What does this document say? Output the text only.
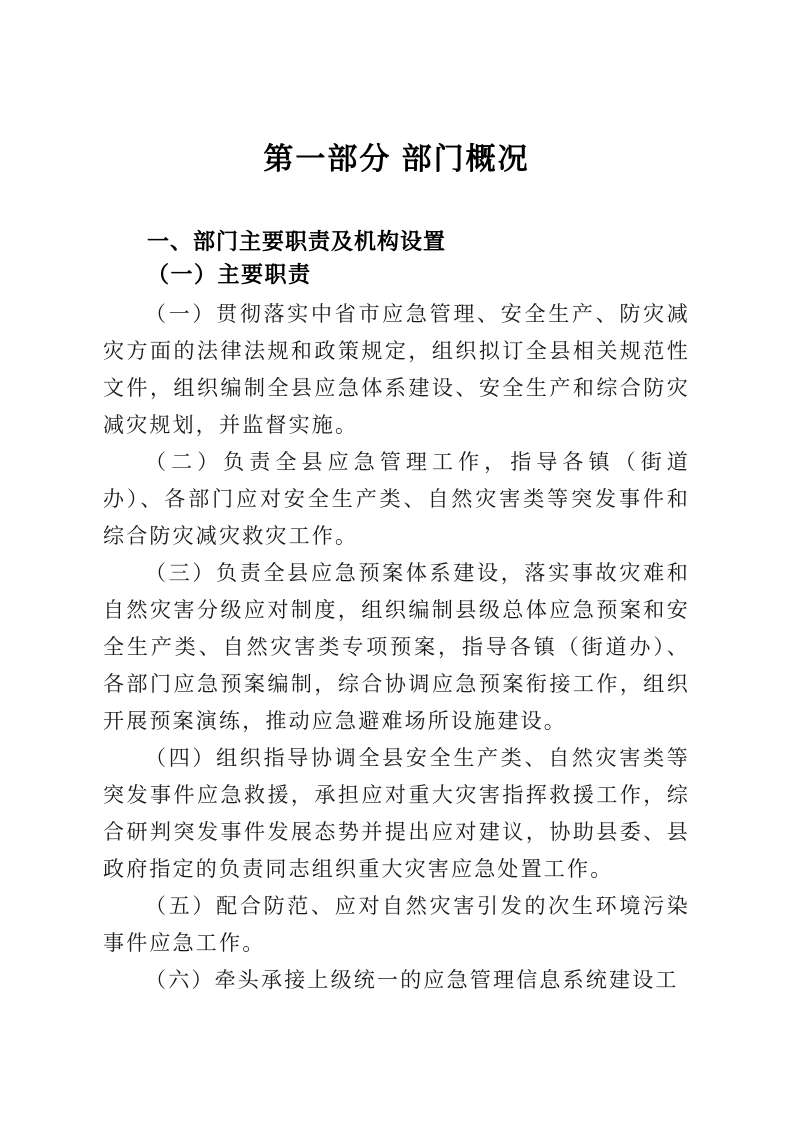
第一部分 部门概况
一、部门主要职责及机构设置
（一）主要职责

（一）贯彻落实中省市应急管理、安全生产、防灾减灾方面的法律法规和政策规定，组织拟订全县相关规范性文件，组织编制全县应急体系建设、安全生产和综合防灾减灾规划，并监督实施。

（二）负责全县应急管理工作，指导各镇（街道办）、各部门应对安全生产类、自然灾害类等突发事件和综合防灾减灾救灾工作。

（三）负责全县应急预案体系建设，落实事故灾难和自然灾害分级应对制度，组织编制县级总体应急预案和安全生产类、自然灾害类专项预案，指导各镇（街道办）、各部门应急预案编制，综合协调应急预案衔接工作，组织开展预案演练，推动应急避难场所设施建设。

（四）组织指导协调全县安全生产类、自然灾害类等突发事件应急救援，承担应对重大灾害指挥救援工作，综合研判突发事件发展态势并提出应对建议，协助县委、县政府指定的负责同志组织重大灾害应急处置工作。

（五）配合防范、应对自然灾害引发的次生环境污染事件应急工作。

（六）牵头承接上级统一的应急管理信息系统建设工
